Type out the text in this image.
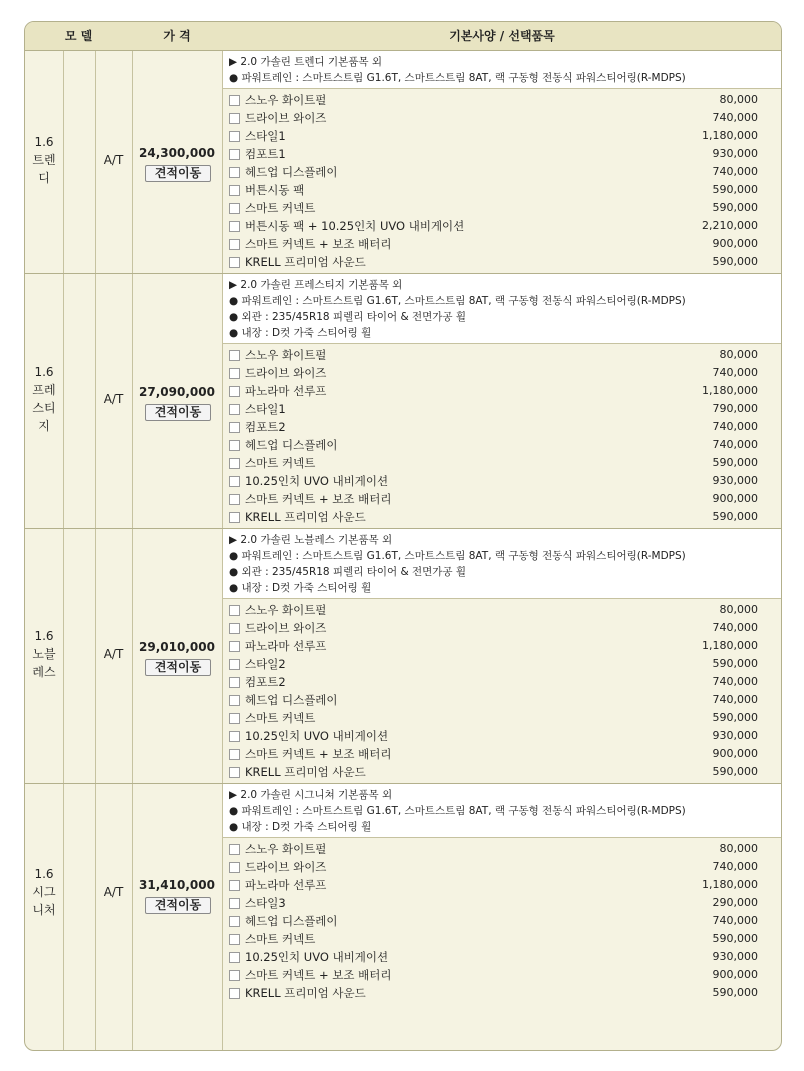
모 델	가 격	기본사양 / 선택품목
1.6
트렌
디
A/T	24,300,000
견적이동
▶ 2.0 가솔린 트렌디 기본품목 외
● 파워트레인 : 스마트스트림 G1.6T, 스마트스트림 8AT, 랙 구동형 전동식 파워스티어링(R-MDPS)
스노우 화이트펄	80,000
드라이브 와이즈	740,000
스타일1	1,180,000
컴포트1	930,000
헤드업 디스플레이	740,000
버튼시동 팩	590,000
스마트 커넥트	590,000
버튼시동 팩 + 10.25인치 UVO 내비게이션	2,210,000
스마트 커넥트 + 보조 배터리	900,000
KRELL 프리미엄 사운드	590,000
1.6
프레
스티
지
A/T	27,090,000
견적이동
▶ 2.0 가솔린 프레스티지 기본품목 외
● 파워트레인 : 스마트스트림 G1.6T, 스마트스트림 8AT, 랙 구동형 전동식 파워스티어링(R-MDPS)
● 외관 : 235/45R18 피렐리 타이어 & 전면가공 휠
● 내장 : D컷 가죽 스티어링 휠
스노우 화이트펄	80,000
드라이브 와이즈	740,000
파노라마 선루프	1,180,000
스타일1	790,000
컴포트2	740,000
헤드업 디스플레이	740,000
스마트 커넥트	590,000
10.25인치 UVO 내비게이션	930,000
스마트 커넥트 + 보조 배터리	900,000
KRELL 프리미엄 사운드	590,000
1.6
노블
레스
A/T	29,010,000
견적이동
▶ 2.0 가솔린 노블레스 기본품목 외
● 파워트레인 : 스마트스트림 G1.6T, 스마트스트림 8AT, 랙 구동형 전동식 파워스티어링(R-MDPS)
● 외관 : 235/45R18 피렐리 타이어 & 전면가공 휠
● 내장 : D컷 가죽 스티어링 휠
스노우 화이트펄	80,000
드라이브 와이즈	740,000
파노라마 선루프	1,180,000
스타일2	590,000
컴포트2	740,000
헤드업 디스플레이	740,000
스마트 커넥트	590,000
10.25인치 UVO 내비게이션	930,000
스마트 커넥트 + 보조 배터리	900,000
KRELL 프리미엄 사운드	590,000
1.6
시그
니처
A/T	31,410,000
견적이동
▶ 2.0 가솔린 시그니쳐 기본품목 외
● 파워트레인 : 스마트스트림 G1.6T, 스마트스트림 8AT, 랙 구동형 전동식 파워스티어링(R-MDPS)
● 내장 : D컷 가죽 스티어링 휠
스노우 화이트펄	80,000
드라이브 와이즈	740,000
파노라마 선루프	1,180,000
스타일3	290,000
헤드업 디스플레이	740,000
스마트 커넥트	590,000
10.25인치 UVO 내비게이션	930,000
스마트 커넥트 + 보조 배터리	900,000
KRELL 프리미엄 사운드	590,000
